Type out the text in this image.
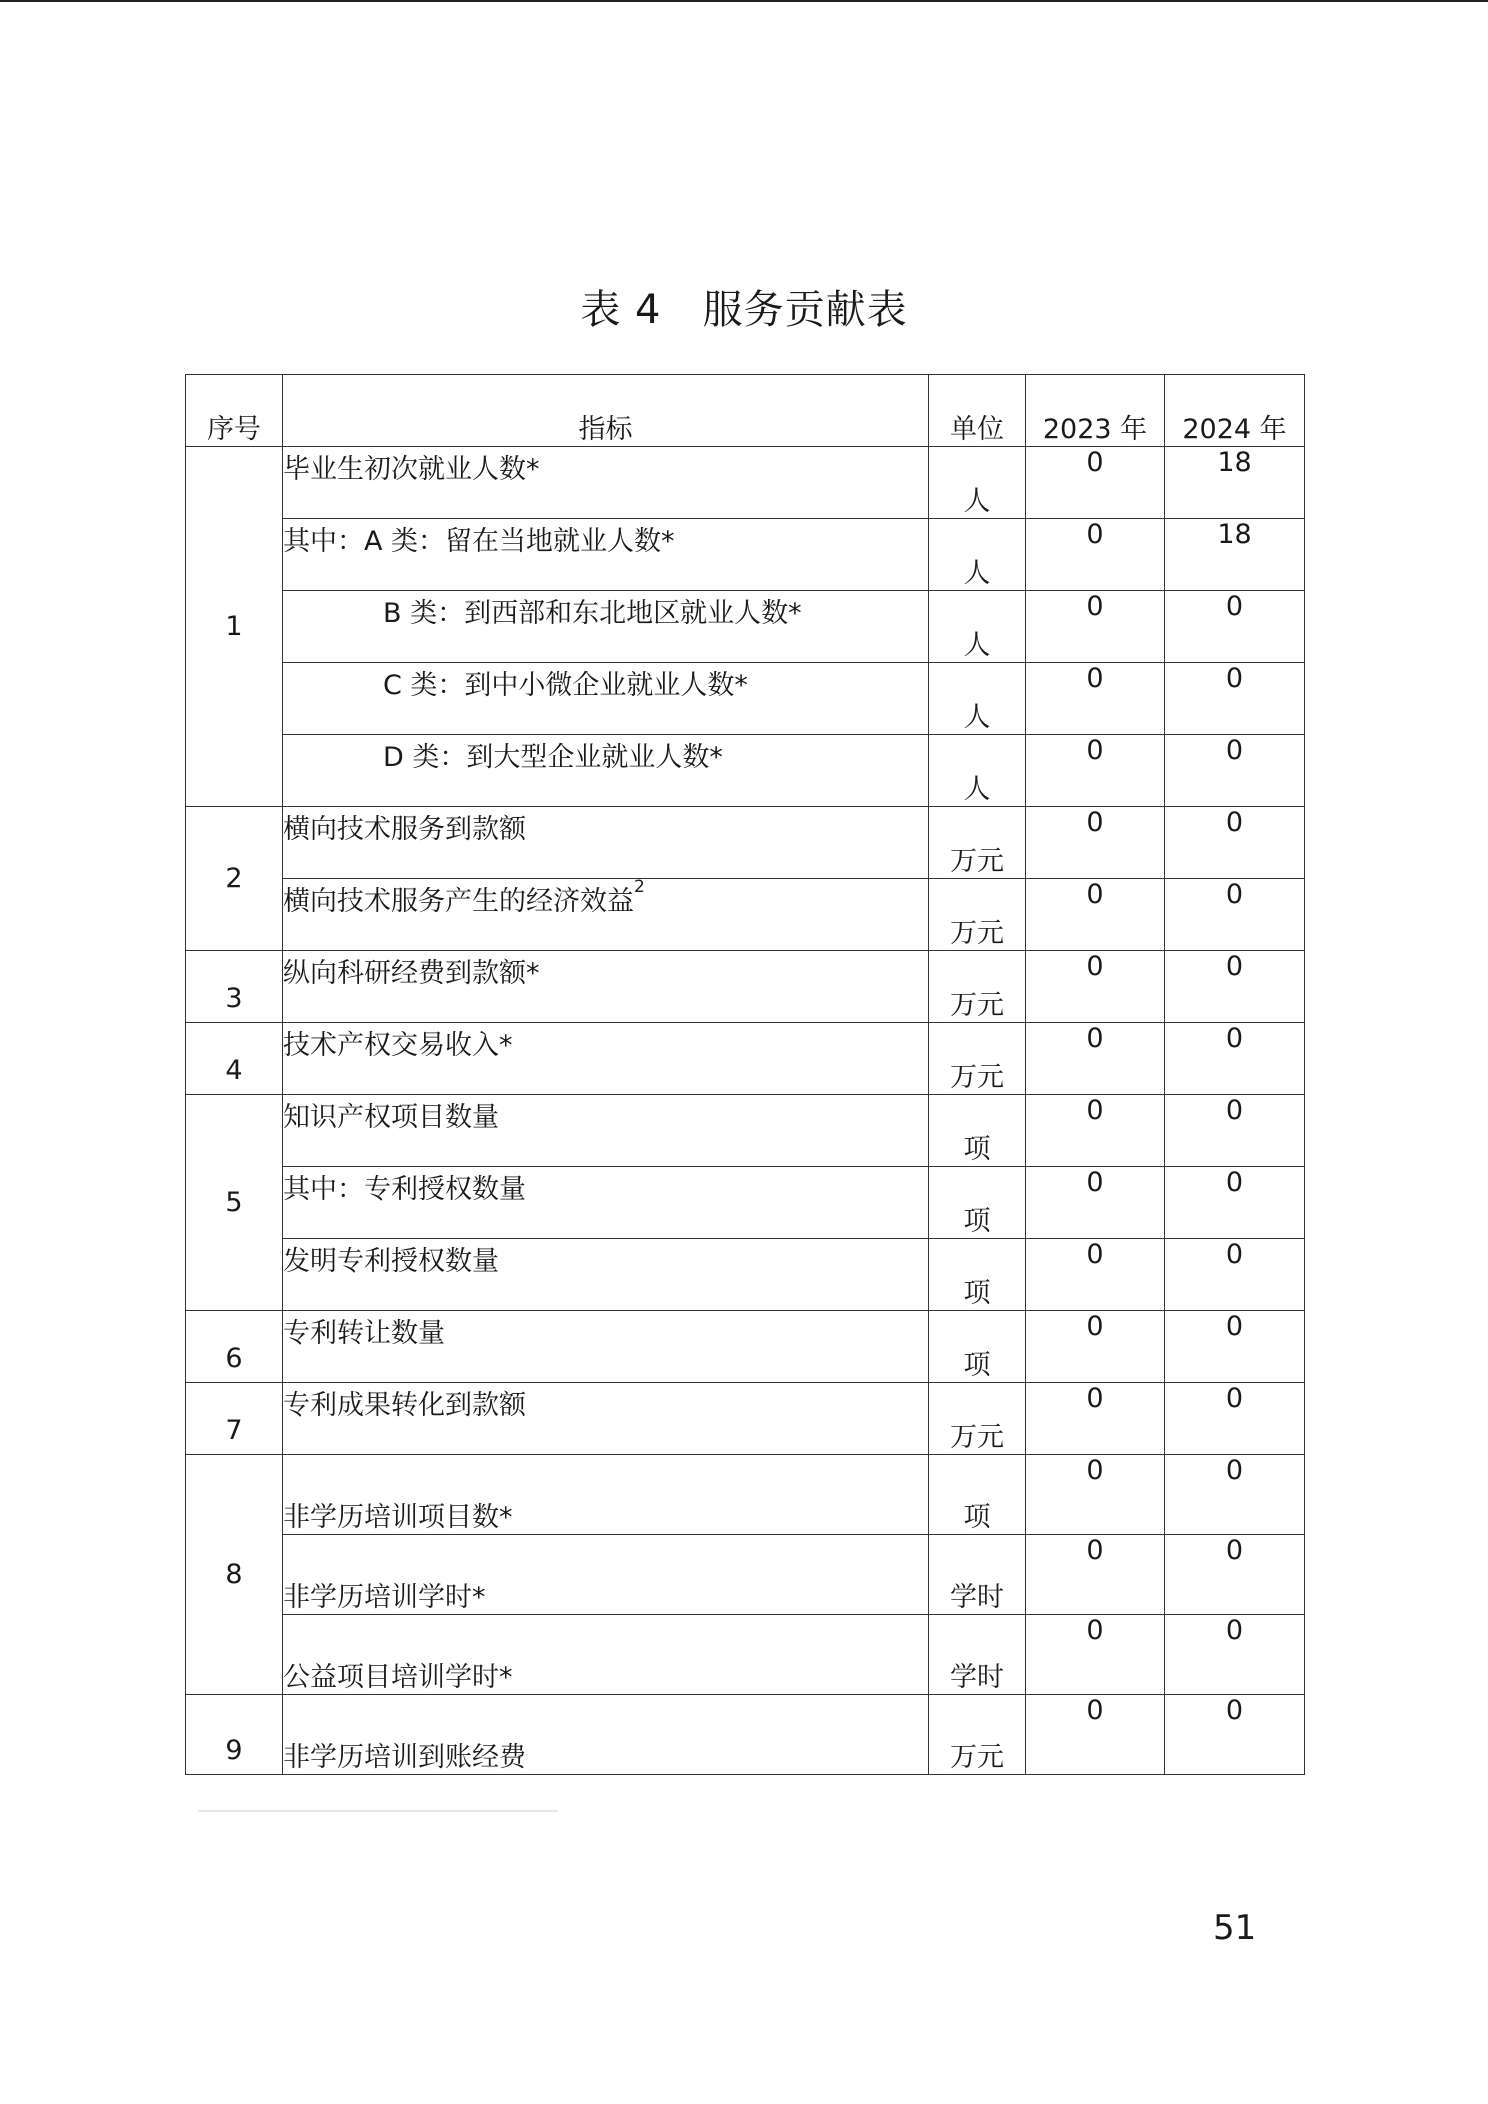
表 4   服务贡献表
序号	指标	单位	2023 年	2024 年
1	毕业生初次就业人数*	人	0	18
	其中：A 类：留在当地就业人数*	人	0	18
	B 类：到西部和东北地区就业人数*	人	0	0
	C 类：到中小微企业就业人数*	人	0	0
	D 类：到大型企业就业人数*	人	0	0
2	横向技术服务到款额	万元	0	0
	横向技术服务产生的经济效益$^2$	万元	0	0
3	纵向科研经费到款额*	万元	0	0
4	技术产权交易收入*	万元	0	0
5	知识产权项目数量	项	0	0
	其中：专利授权数量	项	0	0
	发明专利授权数量	项	0	0
6	专利转让数量	项	0	0
7	专利成果转化到款额	万元	0	0
8	非学历培训项目数*	项	0	0
	非学历培训学时*	学时	0	0
	公益项目培训学时*	学时	0	0
9	非学历培训到账经费	万元	0	0
51
